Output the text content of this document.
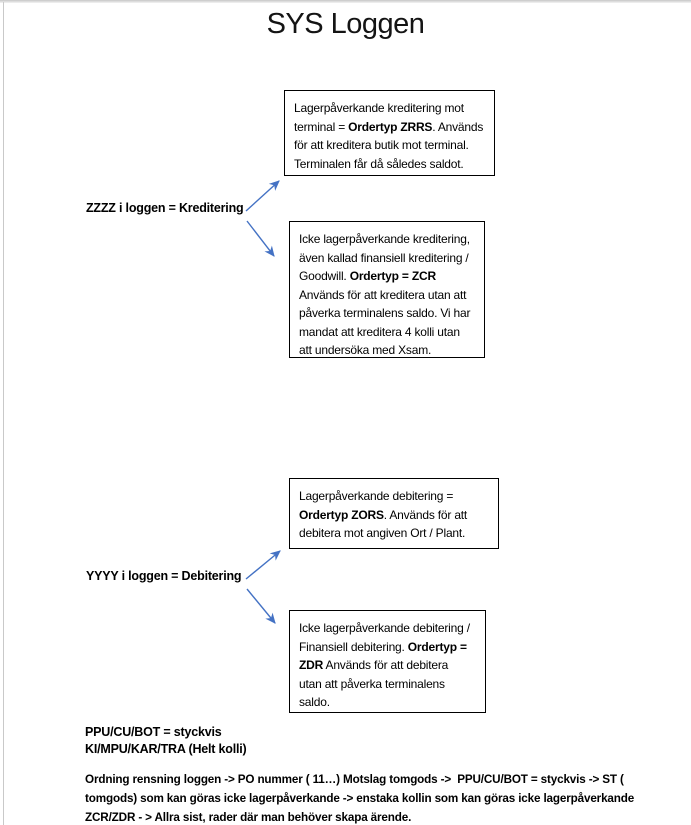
SYS Loggen
ZZZZ i loggen = Kreditering
Lagerpåverkande kreditering mot
terminal = Ordertyp ZRRS. Används
för att kreditera butik mot terminal.
Terminalen får då således saldot.
Icke lagerpåverkande kreditering,
även kallad finansiell kreditering /
Goodwill. Ordertyp = ZCR
Används för att kreditera utan att
påverka terminalens saldo. Vi har
mandat att kreditera 4 kolli utan
att undersöka med Xsam.
YYYY i loggen = Debitering
Lagerpåverkande debitering =
Ordertyp ZORS. Används för att
debitera mot angiven Ort / Plant.
Icke lagerpåverkande debitering /
Finansiell debitering. Ordertyp =
ZDR Används för att debitera
utan att påverka terminalens
saldo.
PPU/CU/BOT = styckvis
KI/MPU/KAR/TRA (Helt kolli)
Ordning rensning loggen -> PO nummer ( 11…) Motslag tomgods ->  PPU/CU/BOT = styckvis -> ST ( tomgods) som kan göras icke lagerpåverkande -> enstaka kollin som kan göras icke lagerpåverkande ZCR/ZDR - > Allra sist, rader där man behöver skapa ärende.
